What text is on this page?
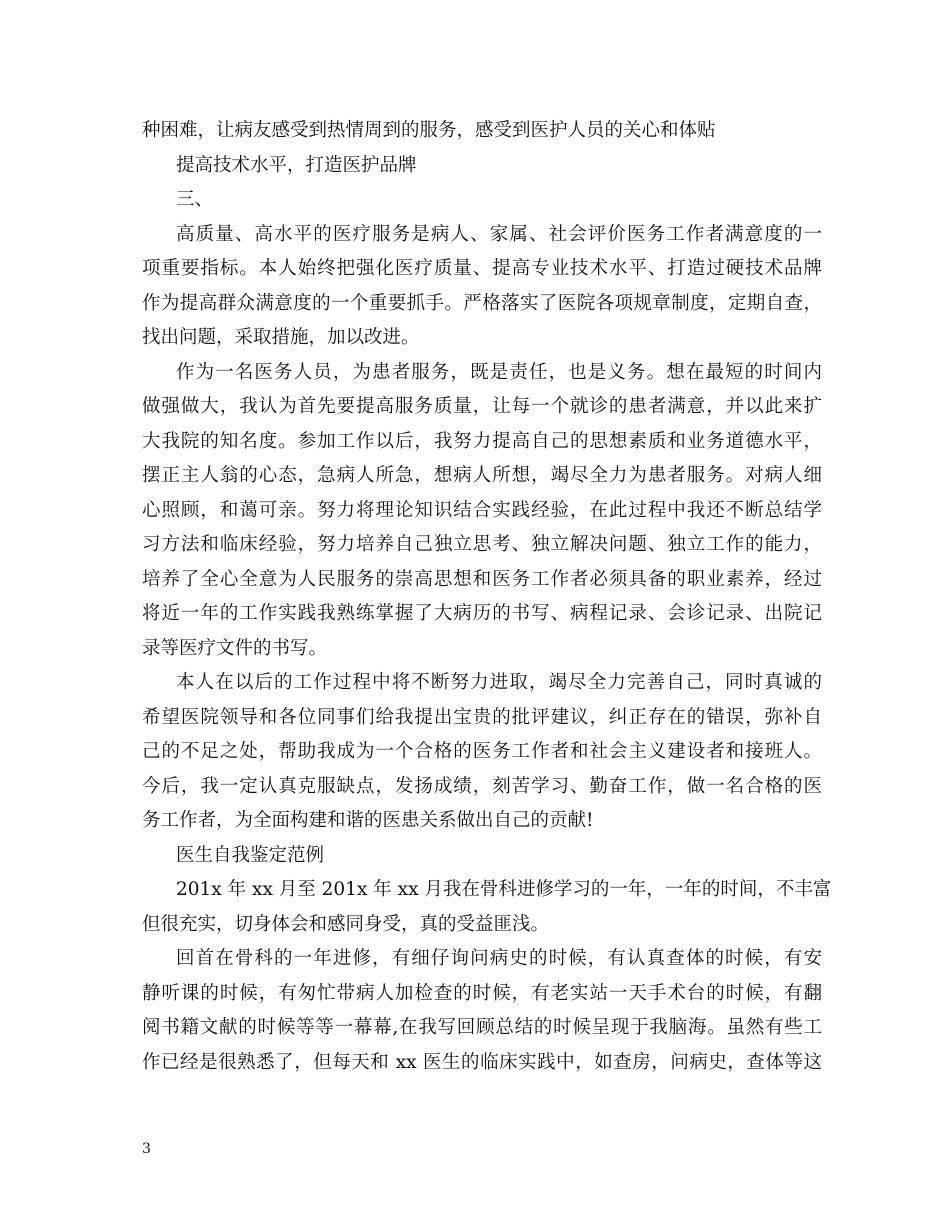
种困难，让病友感受到热情周到的服务，感受到医护人员的关心和体贴
提高技术水平，打造医护品牌
三、
高质量、高水平的医疗服务是病人、家属、社会评价医务工作者满意度的一
项重要指标。本人始终把强化医疗质量、提高专业技术水平、打造过硬技术品牌
作为提高群众满意度的一个重要抓手。严格落实了医院各项规章制度，定期自查，
找出问题，采取措施，加以改进。
作为一名医务人员，为患者服务，既是责任，也是义务。想在最短的时间内
做强做大，我认为首先要提高服务质量，让每一个就诊的患者满意，并以此来扩
大我院的知名度。参加工作以后，我努力提高自己的思想素质和业务道德水平，
摆正主人翁的心态，急病人所急，想病人所想，竭尽全力为患者服务。对病人细
心照顾，和蔼可亲。努力将理论知识结合实践经验，在此过程中我还不断总结学
习方法和临床经验，努力培养自己独立思考、独立解决问题、独立工作的能力，
培养了全心全意为人民服务的崇高思想和医务工作者必须具备的职业素养，经过
将近一年的工作实践我熟练掌握了大病历的书写、病程记录、会诊记录、出院记
录等医疗文件的书写。
本人在以后的工作过程中将不断努力进取，竭尽全力完善自己，同时真诚的
希望医院领导和各位同事们给我提出宝贵的批评建议，纠正存在的错误，弥补自
己的不足之处，帮助我成为一个合格的医务工作者和社会主义建设者和接班人。
今后，我一定认真克服缺点，发扬成绩，刻苦学习、勤奋工作，做一名合格的医
务工作者，为全面构建和谐的医患关系做出自己的贡献!
医生自我鉴定范例
201x 年 xx 月至 201x 年 xx 月我在骨科进修学习的一年，一年的时间，不丰富
但很充实，切身体会和感同身受，真的受益匪浅。
回首在骨科的一年进修，有细仔询问病史的时候，有认真查体的时候，有安
静听课的时候，有匆忙带病人加检查的时候，有老实站一天手术台的时候，有翻
阅书籍文献的时候等等一幕幕,在我写回顾总结的时候呈现于我脑海。虽然有些工
作已经是很熟悉了，但每天和 xx 医生的临床实践中，如查房，问病史，查体等这
3
